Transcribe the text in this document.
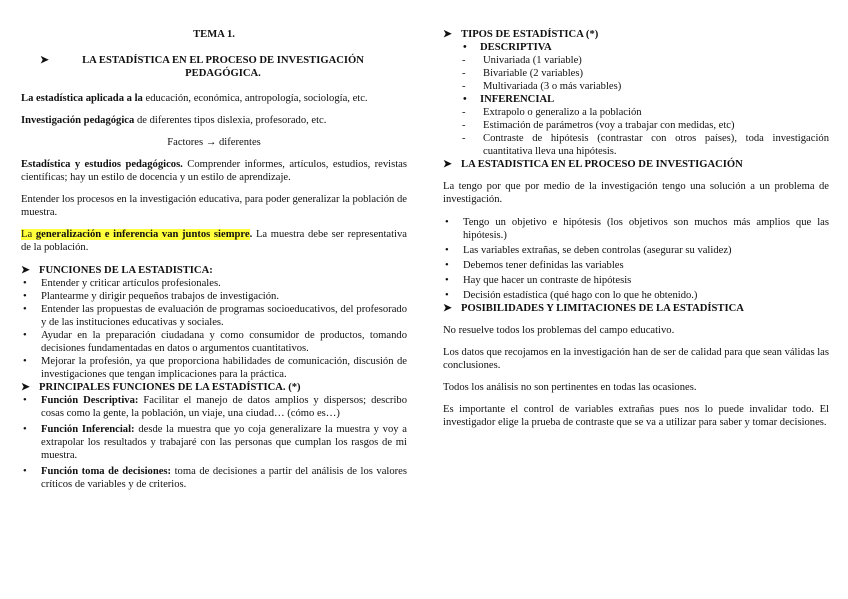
TEMA 1.

➤	LA ESTADÍSTICA EN EL PROCESO DE INVESTIGACIÓN PEDAGÓGICA.

La estadística aplicada a la educación, económica, antropología, sociología, etc.

Investigación pedagógica de diferentes tipos dislexia, profesorado, etc.

Factores → diferentes

Estadística y estudios pedagógicos. Comprender informes, artículos, estudios, revistas científicas; hay un estilo de docencia y un estilo de aprendizaje.

Entender los procesos en la investigación educativa, para poder generalizar la población de muestra.

La generalización e inferencia van juntos siempre. La muestra debe ser representativa de la población.

➤ FUNCIONES DE LA ESTADISTICA:
• Entender y criticar artículos profesionales.
• Plantearme y dirigir pequeños trabajos de investigación.
• Entender las propuestas de evaluación de programas socioeducativos, del profesorado y de las instituciones educativas y sociales.
• Ayudar en la preparación ciudadana y como consumidor de productos, tomando decisiones fundamentadas en datos o argumentos cuantitativos.
• Mejorar la profesión, ya que proporciona habilidades de comunicación, discusión de investigaciones que tengan implicaciones para la práctica.
➤ PRINCIPALES FUNCIONES DE LA ESTADÍSTICA. (*)
• Función Descriptiva: Facilitar el manejo de datos amplios y dispersos; describo cosas como la gente, la población, un viaje, una ciudad… (cómo es…)
• Función Inferencial: desde la muestra que yo coja generalizare la muestra y voy a extrapolar los resultados y trabajaré con las personas que cumplan los rasgos de mi muestra.
• Función toma de decisiones: toma de decisiones a partir del análisis de los valores críticos de variables y de criterios.
➤ TIPOS DE ESTADÍSTICA (*)
• DESCRIPTIVA
- Univariada (1 variable)
- Bivariable (2 variables)
- Multivariada (3 o más variables)
• INFERENCIAL
- Extrapolo o generalizo a la población
- Estimación de parámetros (voy a trabajar con medidas, etc)
- Contraste de hipótesis (contrastar con otros países), toda investigación cuantitativa lleva una hipótesis.
➤ LA ESTADISTICA EN EL PROCESO DE INVESTIGACIÓN

La tengo por que por medio de la investigación tengo una solución a un problema de investigación.

• Tengo un objetivo e hipótesis (los objetivos son muchos más amplios que las hipótesis.)
• Las variables extrañas, se deben controlas (asegurar su validez)
• Debemos tener definidas las variables
• Hay que hacer un contraste de hipótesis
• Decisión estadística (qué hago con lo que he obtenido.)
➤ POSIBILIDADES Y LIMITACIONES DE LA ESTADÍSTICA

No resuelve todos los problemas del campo educativo.

Los datos que recojamos en la investigación han de ser de calidad para que sean válidas las conclusiones.

Todos los análisis no son pertinentes en todas las ocasiones.

Es importante el control de variables extrañas pues nos lo puede invalidar todo. El investigador elige la prueba de contraste que se va a utilizar para saber y tomar decisiones.
